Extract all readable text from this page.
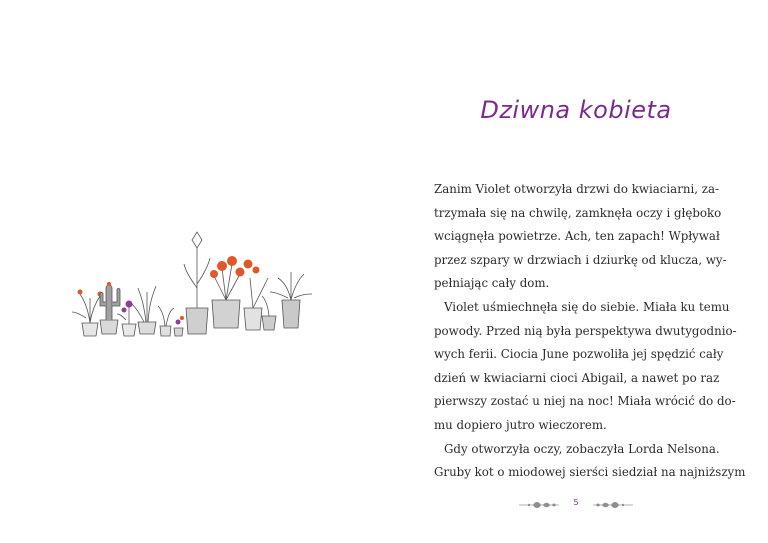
Dziwna kobieta
Zanim Violet otworzyła drzwi do kwiaciarni, za-
trzymała się na chwilę, zamknęła oczy i głęboko
wciągnęła powietrze. Ach, ten zapach! Wpływał
przez szpary w drzwiach i dziurkę od klucza, wy-
pełniając cały dom.
Violet uśmiechnęła się do siebie. Miała ku temu
powody. Przed nią była perspektywa dwutygodnio-
wych ferii. Ciocia June pozwoliła jej spędzić cały
dzień w kwiaciarni cioci Abigail, a nawet po raz
pierwszy zostać u niej na noc! Miała wrócić do do-
mu dopiero jutro wieczorem.
Gdy otworzyła oczy, zobaczyła Lorda Nelsona.
Gruby kot o miodowej sierści siedział na najniższym
5
